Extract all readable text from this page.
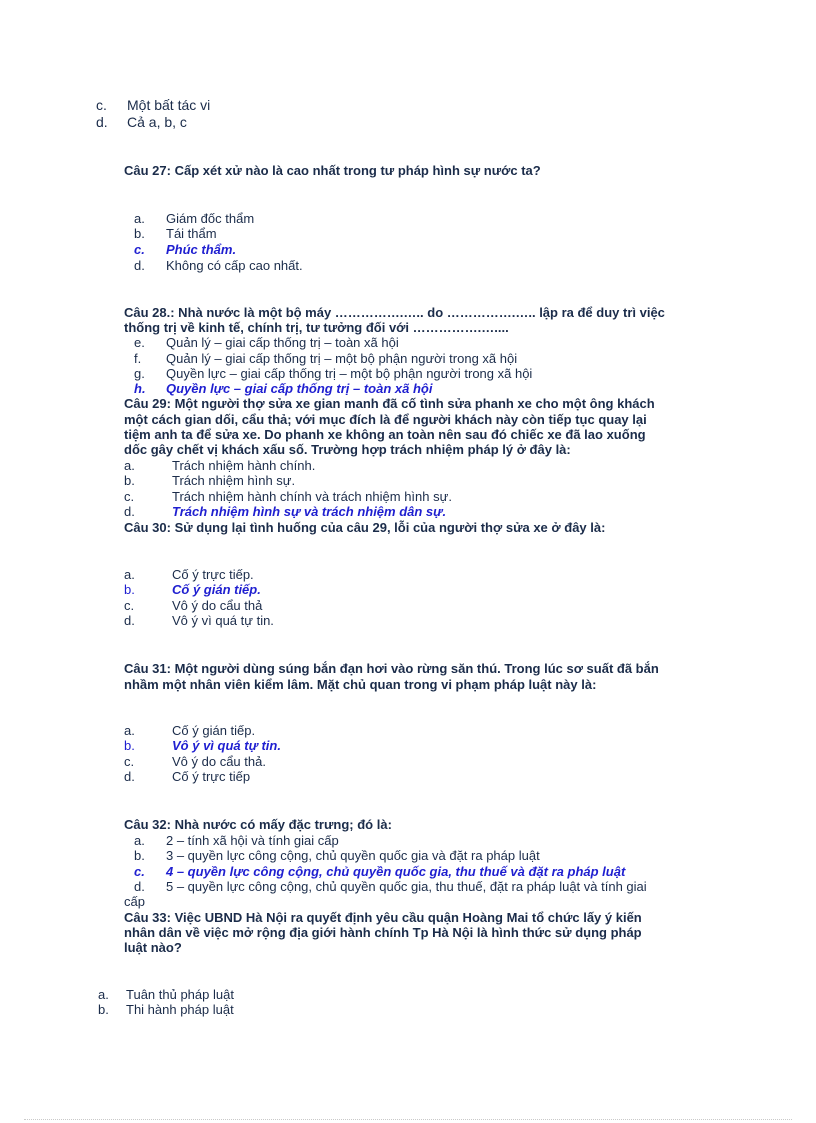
c. Một bất tác vi
d. Cả a, b, c
Câu 27: Cấp xét xử nào là cao nhất trong tư pháp hình sự nước ta?
a. Giám đốc thẩm
b. Tái thẩm
c. Phúc thẩm.
d. Không có cấp cao nhất.
Câu 28.: Nhà nước là một bộ máy …………….….. do …………….….. lập ra để duy trì việc
thống trị về kinh tế, chính trị, tư tưởng đối với …………….…....
e. Quản lý – giai cấp thống trị – toàn xã hội
f. Quản lý – giai cấp thống trị – một bộ phận người trong xã hội
g. Quyền lực – giai cấp thống trị – một bộ phận người trong xã hội
h. Quyền lực – giai cấp thống trị – toàn xã hội
Câu 29: Một người thợ sửa xe gian manh đã cố tình sửa phanh xe cho một ông khách
một cách gian dối, cẩu thả; với mục đích là để người khách này còn tiếp tục quay lại
tiệm anh ta để sửa xe. Do phanh xe không an toàn nên sau đó chiếc xe đã lao xuống
dốc gây chết vị khách xấu số. Trường hợp trách nhiệm pháp lý ở đây là:
a.	Trách nhiệm hành chính.
b.	Trách nhiệm hình sự.
c.	Trách nhiệm hành chính và trách nhiệm hình sự.
d.	Trách nhiệm hình sự và trách nhiệm dân sự.
Câu 30: Sử dụng lại tình huống của câu 29, lỗi của người thợ sửa xe ở đây là:
a.	Cố ý trực tiếp.
b.	Cố ý gián tiếp.
c.	Vô ý do cẩu thả
d.	Vô ý vì quá tự tin.
Câu 31: Một người dùng súng bắn đạn hơi vào rừng săn thú. Trong lúc sơ suất đã bắn
nhầm một nhân viên kiểm lâm. Mặt chủ quan trong vi phạm pháp luật này là:
a.	Cố ý gián tiếp.
b.	Vô ý vì quá tự tin.
c.	Vô ý do cẩu thả.
d.	Cố ý trực tiếp
Câu 32: Nhà nước có mấy đặc trưng; đó là:
a. 2 – tính xã hội và tính giai cấp
b. 3 – quyền lực công cộng, chủ quyền quốc gia và đặt ra pháp luật
c. 4 – quyền lực công cộng, chủ quyền quốc gia, thu thuế và đặt ra pháp luật
d. 5 – quyền lực công cộng, chủ quyền quốc gia, thu thuế, đặt ra pháp luật và tính giai
cấp
Câu 33: Việc UBND Hà Nội ra quyết định yêu cầu quận Hoàng Mai tổ chức lấy ý kiến
nhân dân về việc mở rộng địa giới hành chính Tp Hà Nội là hình thức sử dụng pháp
luật nào?
a. Tuân thủ pháp luật
b. Thi hành pháp luật
